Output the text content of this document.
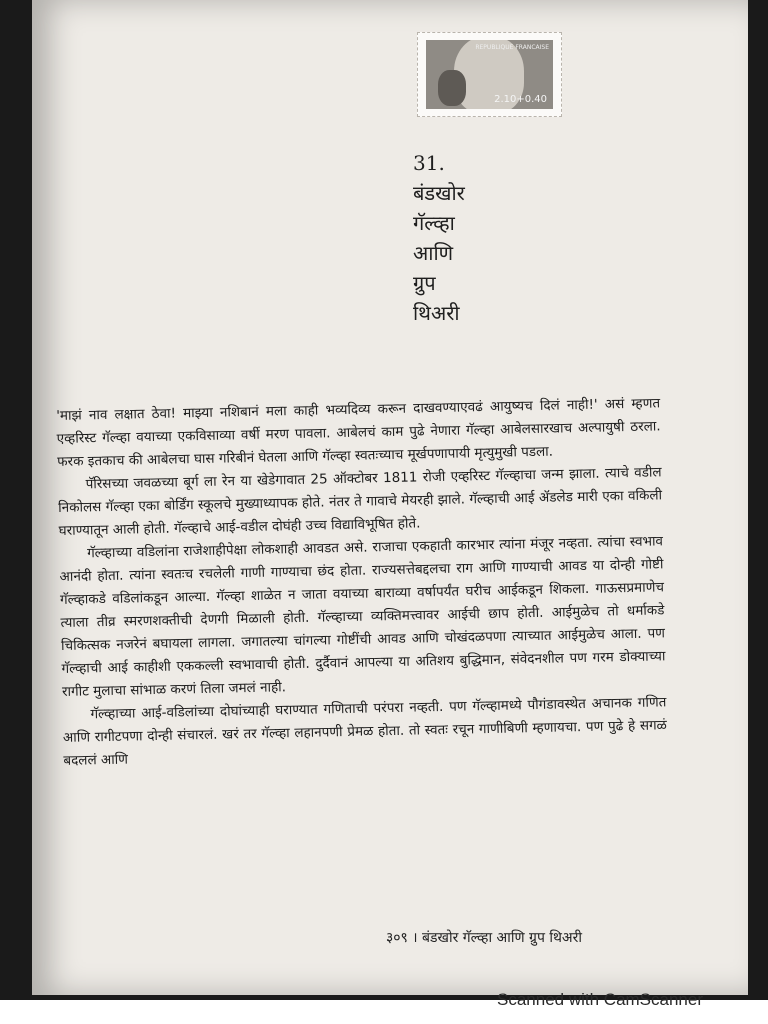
REPUBLIQUE FRANCAISE
2.10+0.40
31.
बंडखोर
गॅल्व्हा
आणि
ग्रुप
थिअरी

'माझं नाव लक्षात ठेवा! माझ्या नशिबानं मला काही भव्यदिव्य करून दाखवण्याएवढं आयुष्यच दिलं नाही!' असं म्हणत एव्हरिस्ट गॅल्व्हा वयाच्या एकविसाव्या वर्षी मरण पावला. आबेलचं काम पुढे नेणारा गॅल्व्हा आबेलसारखाच अल्पायुषी ठरला. फरक इतकाच की आबेलचा घास गरिबीनं घेतला आणि गॅल्व्हा स्वतःच्याच मूर्खपणापायी मृत्युमुखी पडला.

पॅरिसच्या जवळच्या बूर्ग ला रेन या खेडेगावात 25 ऑक्टोबर 1811 रोजी एव्हरिस्ट गॅल्व्हाचा जन्म झाला. त्याचे वडील निकोलस गॅल्व्हा एका बोर्डिंग स्कूलचे मुख्याध्यापक होते. नंतर ते गावाचे मेयरही झाले. गॅल्व्हाची आई ॲडलेड मारी एका वकिली घराण्यातून आली होती. गॅल्व्हाचे आई-वडील दोघंही उच्च विद्याविभूषित होते.

गॅल्व्हाच्या वडिलांना राजेशाहीपेक्षा लोकशाही आवडत असे. राजाचा एकहाती कारभार त्यांना मंजूर नव्हता. त्यांचा स्वभाव आनंदी होता. त्यांना स्वतःच रचलेली गाणी गाण्याचा छंद होता. राज्यसत्तेबद्दलचा राग आणि गाण्याची आवड या दोन्ही गोष्टी गॅल्व्हाकडे वडिलांकडून आल्या. गॅल्व्हा शाळेत न जाता वयाच्या बाराव्या वर्षापर्यंत घरीच आईकडून शिकला. गाऊसप्रमाणेच त्याला तीव्र स्मरणशक्तीची देणगी मिळाली होती. गॅल्व्हाच्या व्यक्तिमत्त्वावर आईची छाप होती. आईमुळेच तो धर्माकडे चिकित्सक नजरेनं बघायला लागला. जगातल्या चांगल्या गोष्टींची आवड आणि चोखंदळपणा त्याच्यात आईमुळेच आला. पण गॅल्व्हाची आई काहीशी एककल्ली स्वभावाची होती. दुर्दैवानं आपल्या या अतिशय बुद्धिमान, संवेदनशील पण गरम डोक्याच्या रागीट मुलाचा सांभाळ करणं तिला जमलं नाही.

गॅल्व्हाच्या आई-वडिलांच्या दोघांच्याही घराण्यात गणिताची परंपरा नव्हती. पण गॅल्व्हामध्ये पौगंडावस्थेत अचानक गणित आणि रागीटपणा दोन्ही संचारलं. खरं तर गॅल्व्हा लहानपणी प्रेमळ होता. तो स्वतः रचून गाणीबिणी म्हणायचा. पण पुढे हे सगळं बदललं आणि

३०९ । बंडखोर गॅल्व्हा आणि ग्रुप थिअरी
Scanned with CamScanner
